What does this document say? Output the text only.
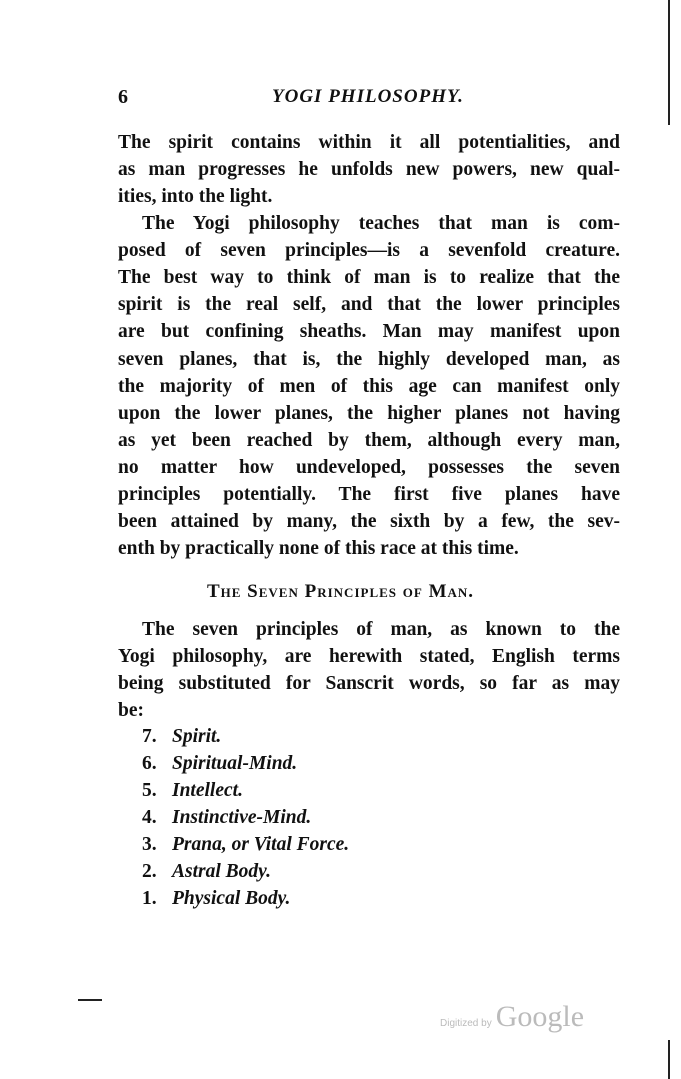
6	YOGI PHILOSOPHY.
The spirit contains within it all potentialities, and
as man progresses he unfolds new powers, new qual-
ities, into the light.
The Yogi philosophy teaches that man is com-
posed of seven principles—is a sevenfold creature.
The best way to think of man is to realize that the
spirit is the real self, and that the lower principles
are but confining sheaths. Man may manifest upon
seven planes, that is, the highly developed man, as
the majority of men of this age can manifest only
upon the lower planes, the higher planes not having
as yet been reached by them, although every man,
no matter how undeveloped, possesses the seven
principles potentially. The first five planes have
been attained by many, the sixth by a few, the sev-
enth by practically none of this race at this time.
The seven principles of man, as known to the
Yogi philosophy, are herewith stated, English terms
being substituted for Sanscrit words, so far as may
be:
The Seven Principles of Man.
7. Spirit.
6. Spiritual-Mind.
5. Intellect.
4. Instinctive-Mind.
3. Prana, or Vital Force.
2. Astral Body.
1. Physical Body.
Digitized by Google
